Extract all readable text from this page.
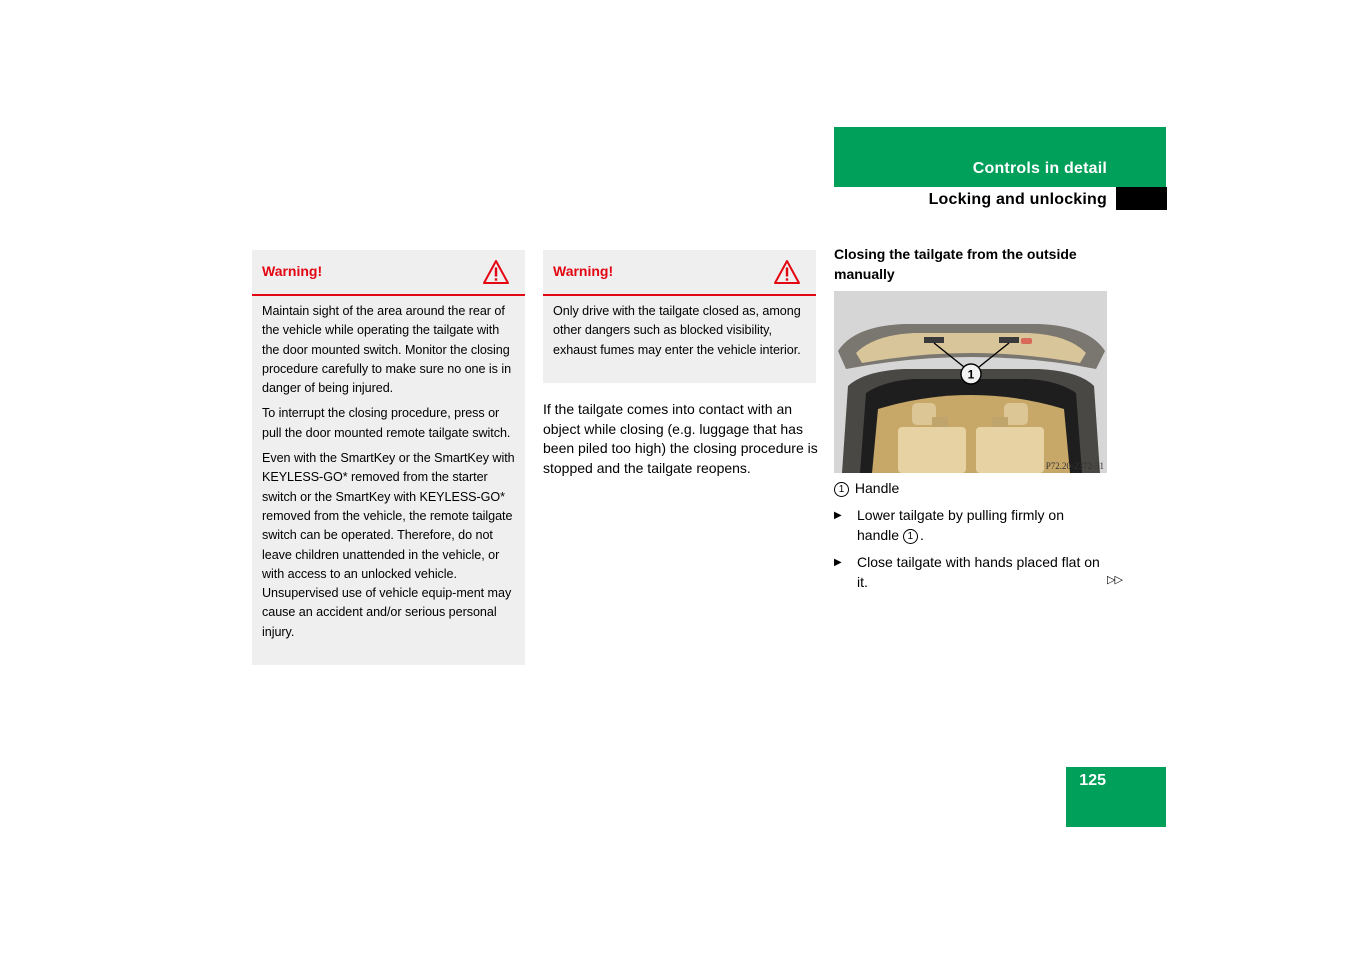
Controls in detail
Locking and unlocking
Warning!

Maintain sight of the area around the rear of the vehicle while operating the tailgate with the door mounted switch. Monitor the closing procedure carefully to make sure no one is in danger of being injured.

To interrupt the closing procedure, press or pull the door mounted remote tailgate switch.

Even with the SmartKey or the SmartKey with KEYLESS-GO* removed from the starter switch or the SmartKey with KEYLESS-GO* removed from the vehicle, the remote tailgate switch can be operated. Therefore, do not leave children unattended in the vehicle, or with access to an unlocked vehicle. Unsupervised use of vehicle equip-ment may cause an accident and/or serious personal injury.

Warning!

Only drive with the tailgate closed as, among other dangers such as blocked visibility, exhaust fumes may enter the vehicle interior.

If the tailgate comes into contact with an object while closing (e.g. luggage that has been piled too high) the closing procedure is stopped and the tailgate reopens.

Closing the tailgate from the outside manually

1
P72.20-2372-31

1 Handle

▶ Lower tailgate by pulling firmly on handle 1 .
▶ Close tailgate with hands placed flat on it.	▷▷
125
